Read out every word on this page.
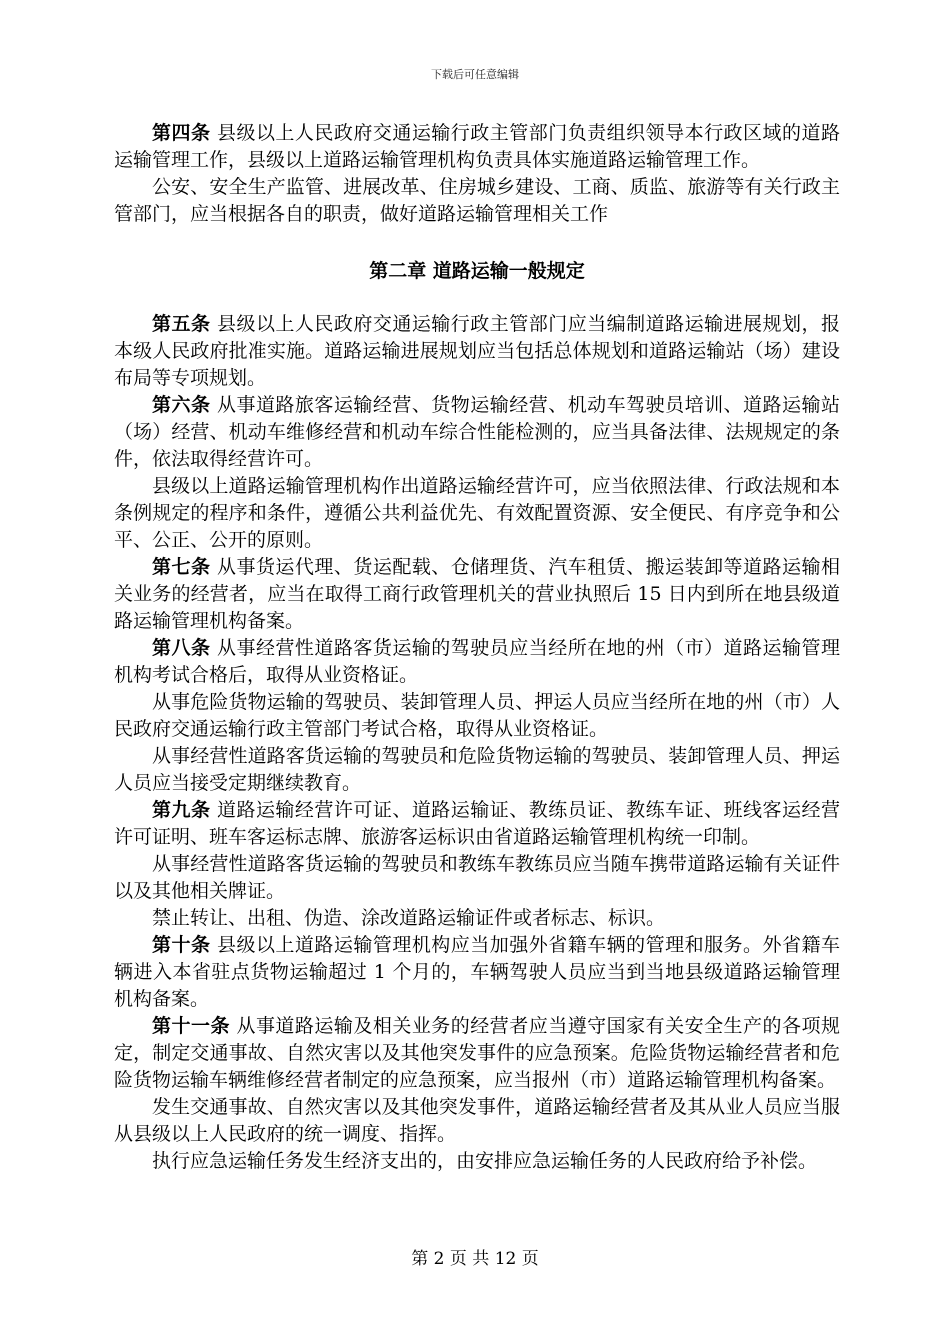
下载后可任意编辑

第四条 县级以上人民政府交通运输行政主管部门负责组织领导本行政区域的道路运输管理工作，县级以上道路运输管理机构负责具体实施道路运输管理工作。

公安、安全生产监管、进展改革、住房城乡建设、工商、质监、旅游等有关行政主管部门，应当根据各自的职责，做好道路运输管理相关工作

第二章 道路运输一般规定

第五条 县级以上人民政府交通运输行政主管部门应当编制道路运输进展规划，报本级人民政府批准实施。道路运输进展规划应当包括总体规划和道路运输站（场）建设布局等专项规划。

第六条 从事道路旅客运输经营、货物运输经营、机动车驾驶员培训、道路运输站（场）经营、机动车维修经营和机动车综合性能检测的，应当具备法律、法规规定的条件，依法取得经营许可。

县级以上道路运输管理机构作出道路运输经营许可，应当依照法律、行政法规和本条例规定的程序和条件，遵循公共利益优先、有效配置资源、安全便民、有序竞争和公平、公正、公开的原则。

第七条 从事货运代理、货运配载、仓储理货、汽车租赁、搬运装卸等道路运输相关业务的经营者，应当在取得工商行政管理机关的营业执照后 15 日内到所在地县级道路运输管理机构备案。

第八条 从事经营性道路客货运输的驾驶员应当经所在地的州（市）道路运输管理机构考试合格后，取得从业资格证。

从事危险货物运输的驾驶员、装卸管理人员、押运人员应当经所在地的州（市）人民政府交通运输行政主管部门考试合格，取得从业资格证。

从事经营性道路客货运输的驾驶员和危险货物运输的驾驶员、装卸管理人员、押运人员应当接受定期继续教育。

第九条 道路运输经营许可证、道路运输证、教练员证、教练车证、班线客运经营许可证明、班车客运标志牌、旅游客运标识由省道路运输管理机构统一印制。

从事经营性道路客货运输的驾驶员和教练车教练员应当随车携带道路运输有关证件以及其他相关牌证。

禁止转让、出租、伪造、涂改道路运输证件或者标志、标识。

第十条 县级以上道路运输管理机构应当加强外省籍车辆的管理和服务。外省籍车辆进入本省驻点货物运输超过 1 个月的，车辆驾驶人员应当到当地县级道路运输管理机构备案。

第十一条 从事道路运输及相关业务的经营者应当遵守国家有关安全生产的各项规定，制定交通事故、自然灾害以及其他突发事件的应急预案。危险货物运输经营者和危险货物运输车辆维修经营者制定的应急预案，应当报州（市）道路运输管理机构备案。

发生交通事故、自然灾害以及其他突发事件，道路运输经营者及其从业人员应当服从县级以上人民政府的统一调度、指挥。

执行应急运输任务发生经济支出的，由安排应急运输任务的人民政府给予补偿。

第 2 页 共 12 页
